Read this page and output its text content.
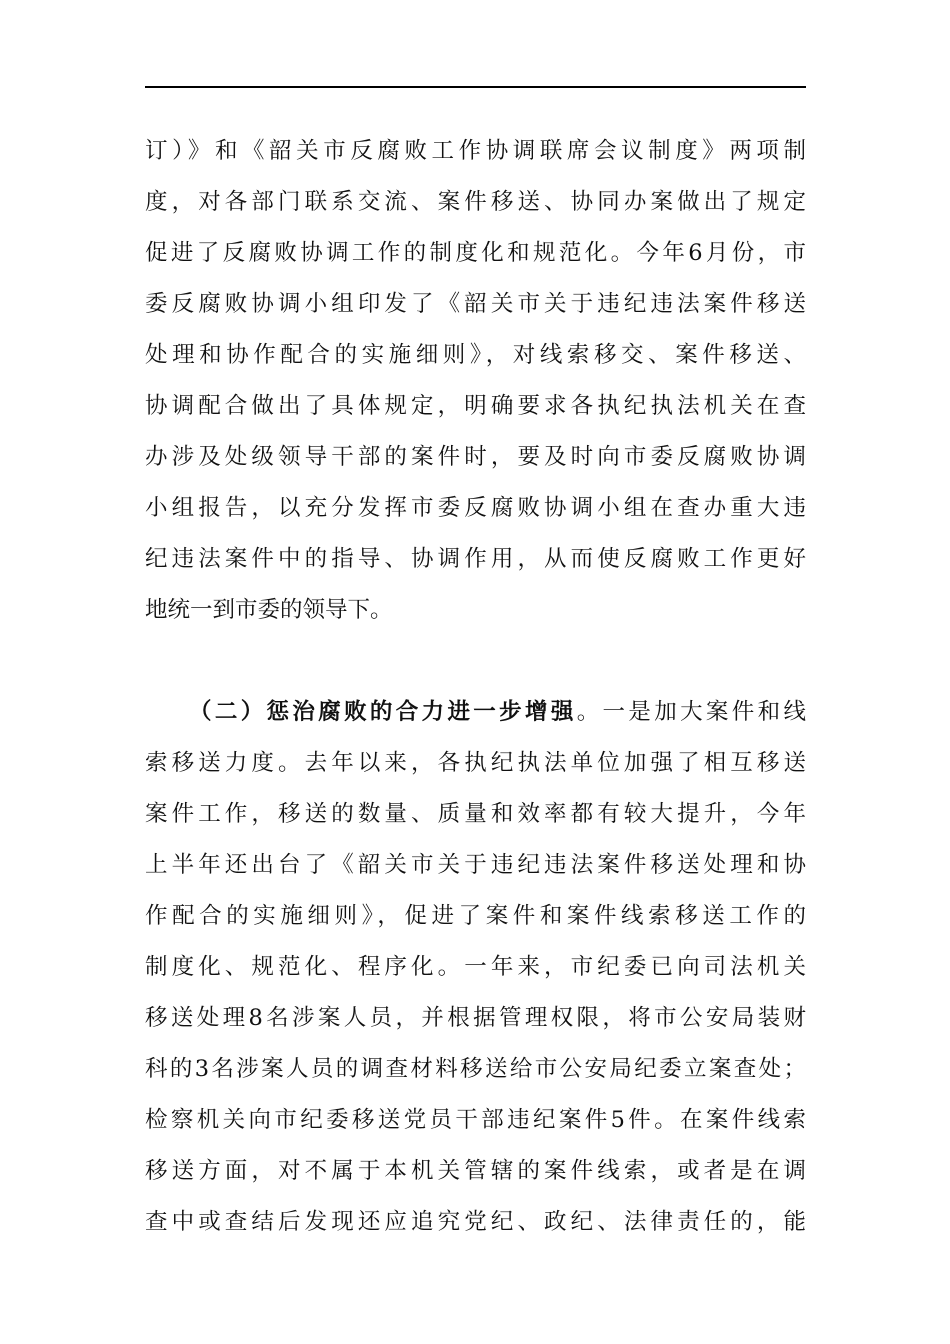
订）》和《韶关市反腐败工作协调联席会议制度》两项制
度，对各部门联系交流、案件移送、协同办案做出了规定
促进了反腐败协调工作的制度化和规范化。今年6月份，市
委反腐败协调小组印发了《韶关市关于违纪违法案件移送
处理和协作配合的实施细则》，对线索移交、案件移送、
协调配合做出了具体规定，明确要求各执纪执法机关在查
办涉及处级领导干部的案件时，要及时向市委反腐败协调
小组报告，以充分发挥市委反腐败协调小组在查办重大违
纪违法案件中的指导、协调作用，从而使反腐败工作更好
地统一到市委的领导下。
（二）惩治腐败的合力进一步增强。一是加大案件和线
索移送力度。去年以来，各执纪执法单位加强了相互移送
案件工作，移送的数量、质量和效率都有较大提升，今年
上半年还出台了《韶关市关于违纪违法案件移送处理和协
作配合的实施细则》，促进了案件和案件线索移送工作的
制度化、规范化、程序化。一年来，市纪委已向司法机关
移送处理8名涉案人员，并根据管理权限，将市公安局装财
科的3名涉案人员的调查材料移送给市公安局纪委立案查处；
检察机关向市纪委移送党员干部违纪案件5件。在案件线索
移送方面，对不属于本机关管辖的案件线索，或者是在调
查中或查结后发现还应追究党纪、政纪、法律责任的，能
